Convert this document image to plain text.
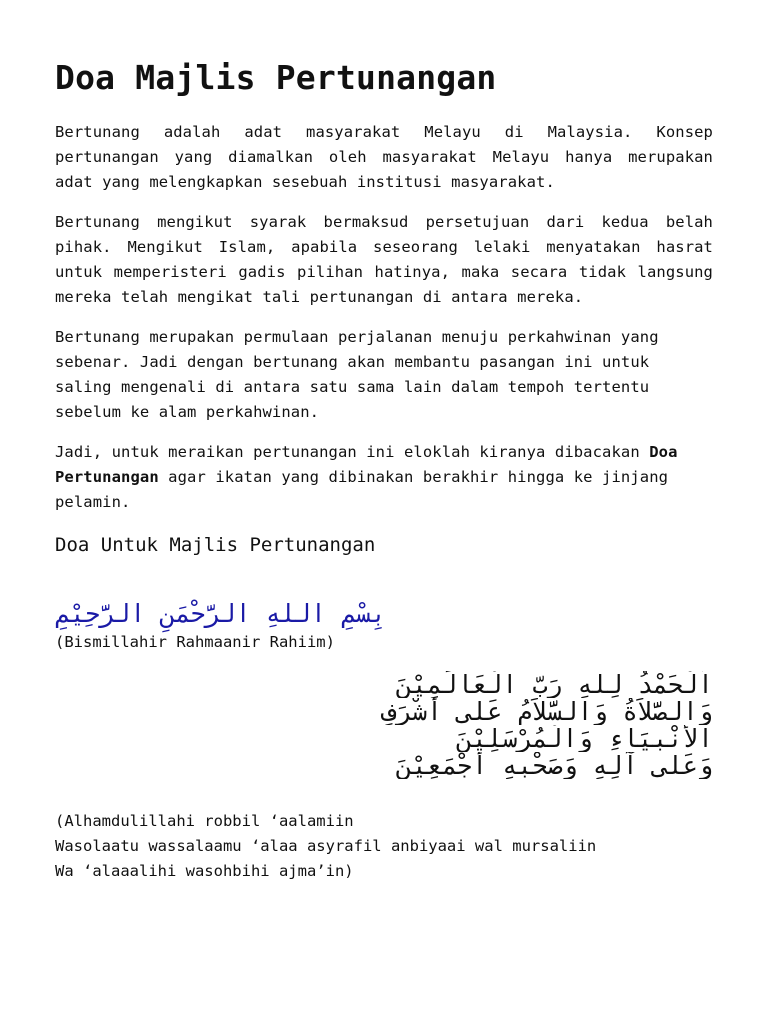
Doa Majlis Pertunangan

Bertunang adalah adat masyarakat Melayu di Malaysia. Konsep pertunangan yang diamalkan oleh masyarakat Melayu hanya merupakan adat yang melengkapkan sesebuah institusi masyarakat.

Bertunang mengikut syarak bermaksud persetujuan dari kedua belah pihak. Mengikut Islam, apabila seseorang lelaki menyatakan hasrat untuk memperisteri gadis pilihan hatinya, maka secara tidak langsung mereka telah mengikat tali pertunangan di antara mereka.

Bertunang merupakan permulaan perjalanan menuju perkahwinan yang sebenar. Jadi dengan bertunang akan membantu pasangan ini untuk saling mengenali di antara satu sama lain dalam tempoh tertentu sebelum ke alam perkahwinan.

Jadi, untuk meraikan pertunangan ini eloklah kiranya dibacakan Doa Pertunangan agar ikatan yang dibinakan berakhir hingga ke jinjang pelamin.

Doa Untuk Majlis Pertunangan
بِسْمِ اللهِ الرَّحْمَنِ الرَّحِيْمِ
(Bismillahir Rahmaanir Rahiim)
اَلْحَمْدُ لِلهِ رَبِّ الْعَالَمِيْنَ
وَالصَّلاَةُ وَالسَّلاَمُ عَلَى أَشْرَفِ
الأَنْبِيَاءِ وَالْمُرْسَلِيْنَ
وَعَلَى آلِهِ وَصَحْبِهِ أَجْمَعِيْنَ
(Alhamdulillahi robbil ‘aalamiin
Wasolaatu wassalaamu ‘alaa asyrafil anbiyaai wal mursaliin
Wa ‘alaaalihi wasohbihi ajma’in)
